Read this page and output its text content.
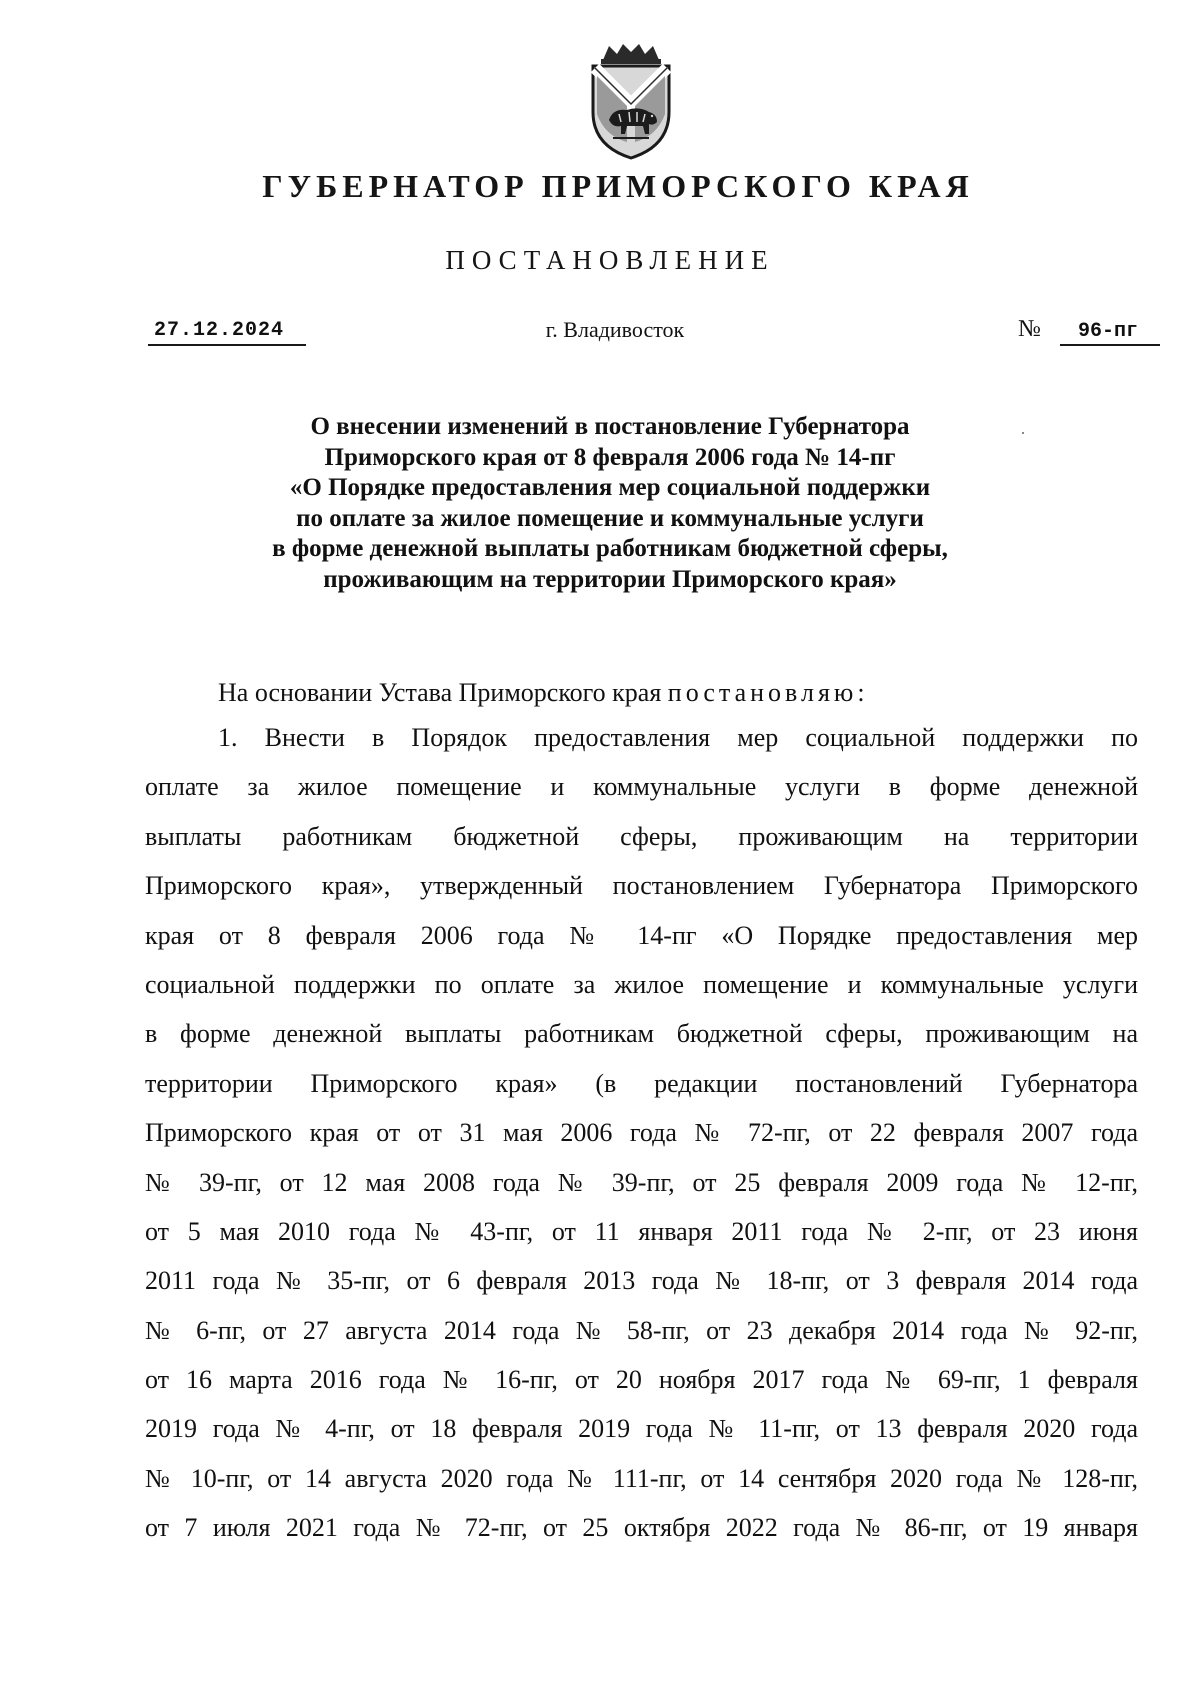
ГУБЕРНАТОР ПРИМОРСКОГО КРАЯ
ПОСТАНОВЛЕНИЕ
27.12.2024	г. Владивосток	№	96-пг
О внесении изменений в постановление Губернатора
Приморского края от 8 февраля 2006 года № 14-пг
«О Порядке предоставления мер социальной поддержки
по оплате за жилое помещение и коммунальные услуги
в форме денежной выплаты работникам бюджетной сферы,
проживающим на территории Приморского края»
На основании Устава Приморского края постановляю:
1. Внести в Порядок предоставления мер социальной поддержки по
оплате за жилое помещение и коммунальные услуги в форме денежной
выплаты работникам бюджетной сферы, проживающим на территории
Приморского края», утвержденный постановлением Губернатора Приморского
края от 8 февраля 2006 года № 14-пг «О Порядке предоставления мер
социальной поддержки по оплате за жилое помещение и коммунальные услуги
в форме денежной выплаты работникам бюджетной сферы, проживающим на
территории Приморского края» (в редакции постановлений Губернатора
Приморского края от от 31 мая 2006 года № 72-пг, от 22 февраля 2007 года
№ 39-пг, от 12 мая 2008 года № 39-пг, от 25 февраля 2009 года № 12-пг,
от 5 мая 2010 года № 43-пг, от 11 января 2011 года № 2-пг, от 23 июня
2011 года № 35-пг, от 6 февраля 2013 года № 18-пг, от 3 февраля 2014 года
№ 6-пг, от 27 августа 2014 года № 58-пг, от 23 декабря 2014 года № 92-пг,
от 16 марта 2016 года № 16-пг, от 20 ноября 2017 года № 69-пг, 1 февраля
2019 года № 4-пг, от 18 февраля 2019 года № 11-пг, от 13 февраля 2020 года
№ 10-пг, от 14 августа 2020 года № 111-пг, от 14 сентября 2020 года № 128-пг,
от 7 июля 2021 года № 72-пг, от 25 октября 2022 года № 86-пг, от 19 января
